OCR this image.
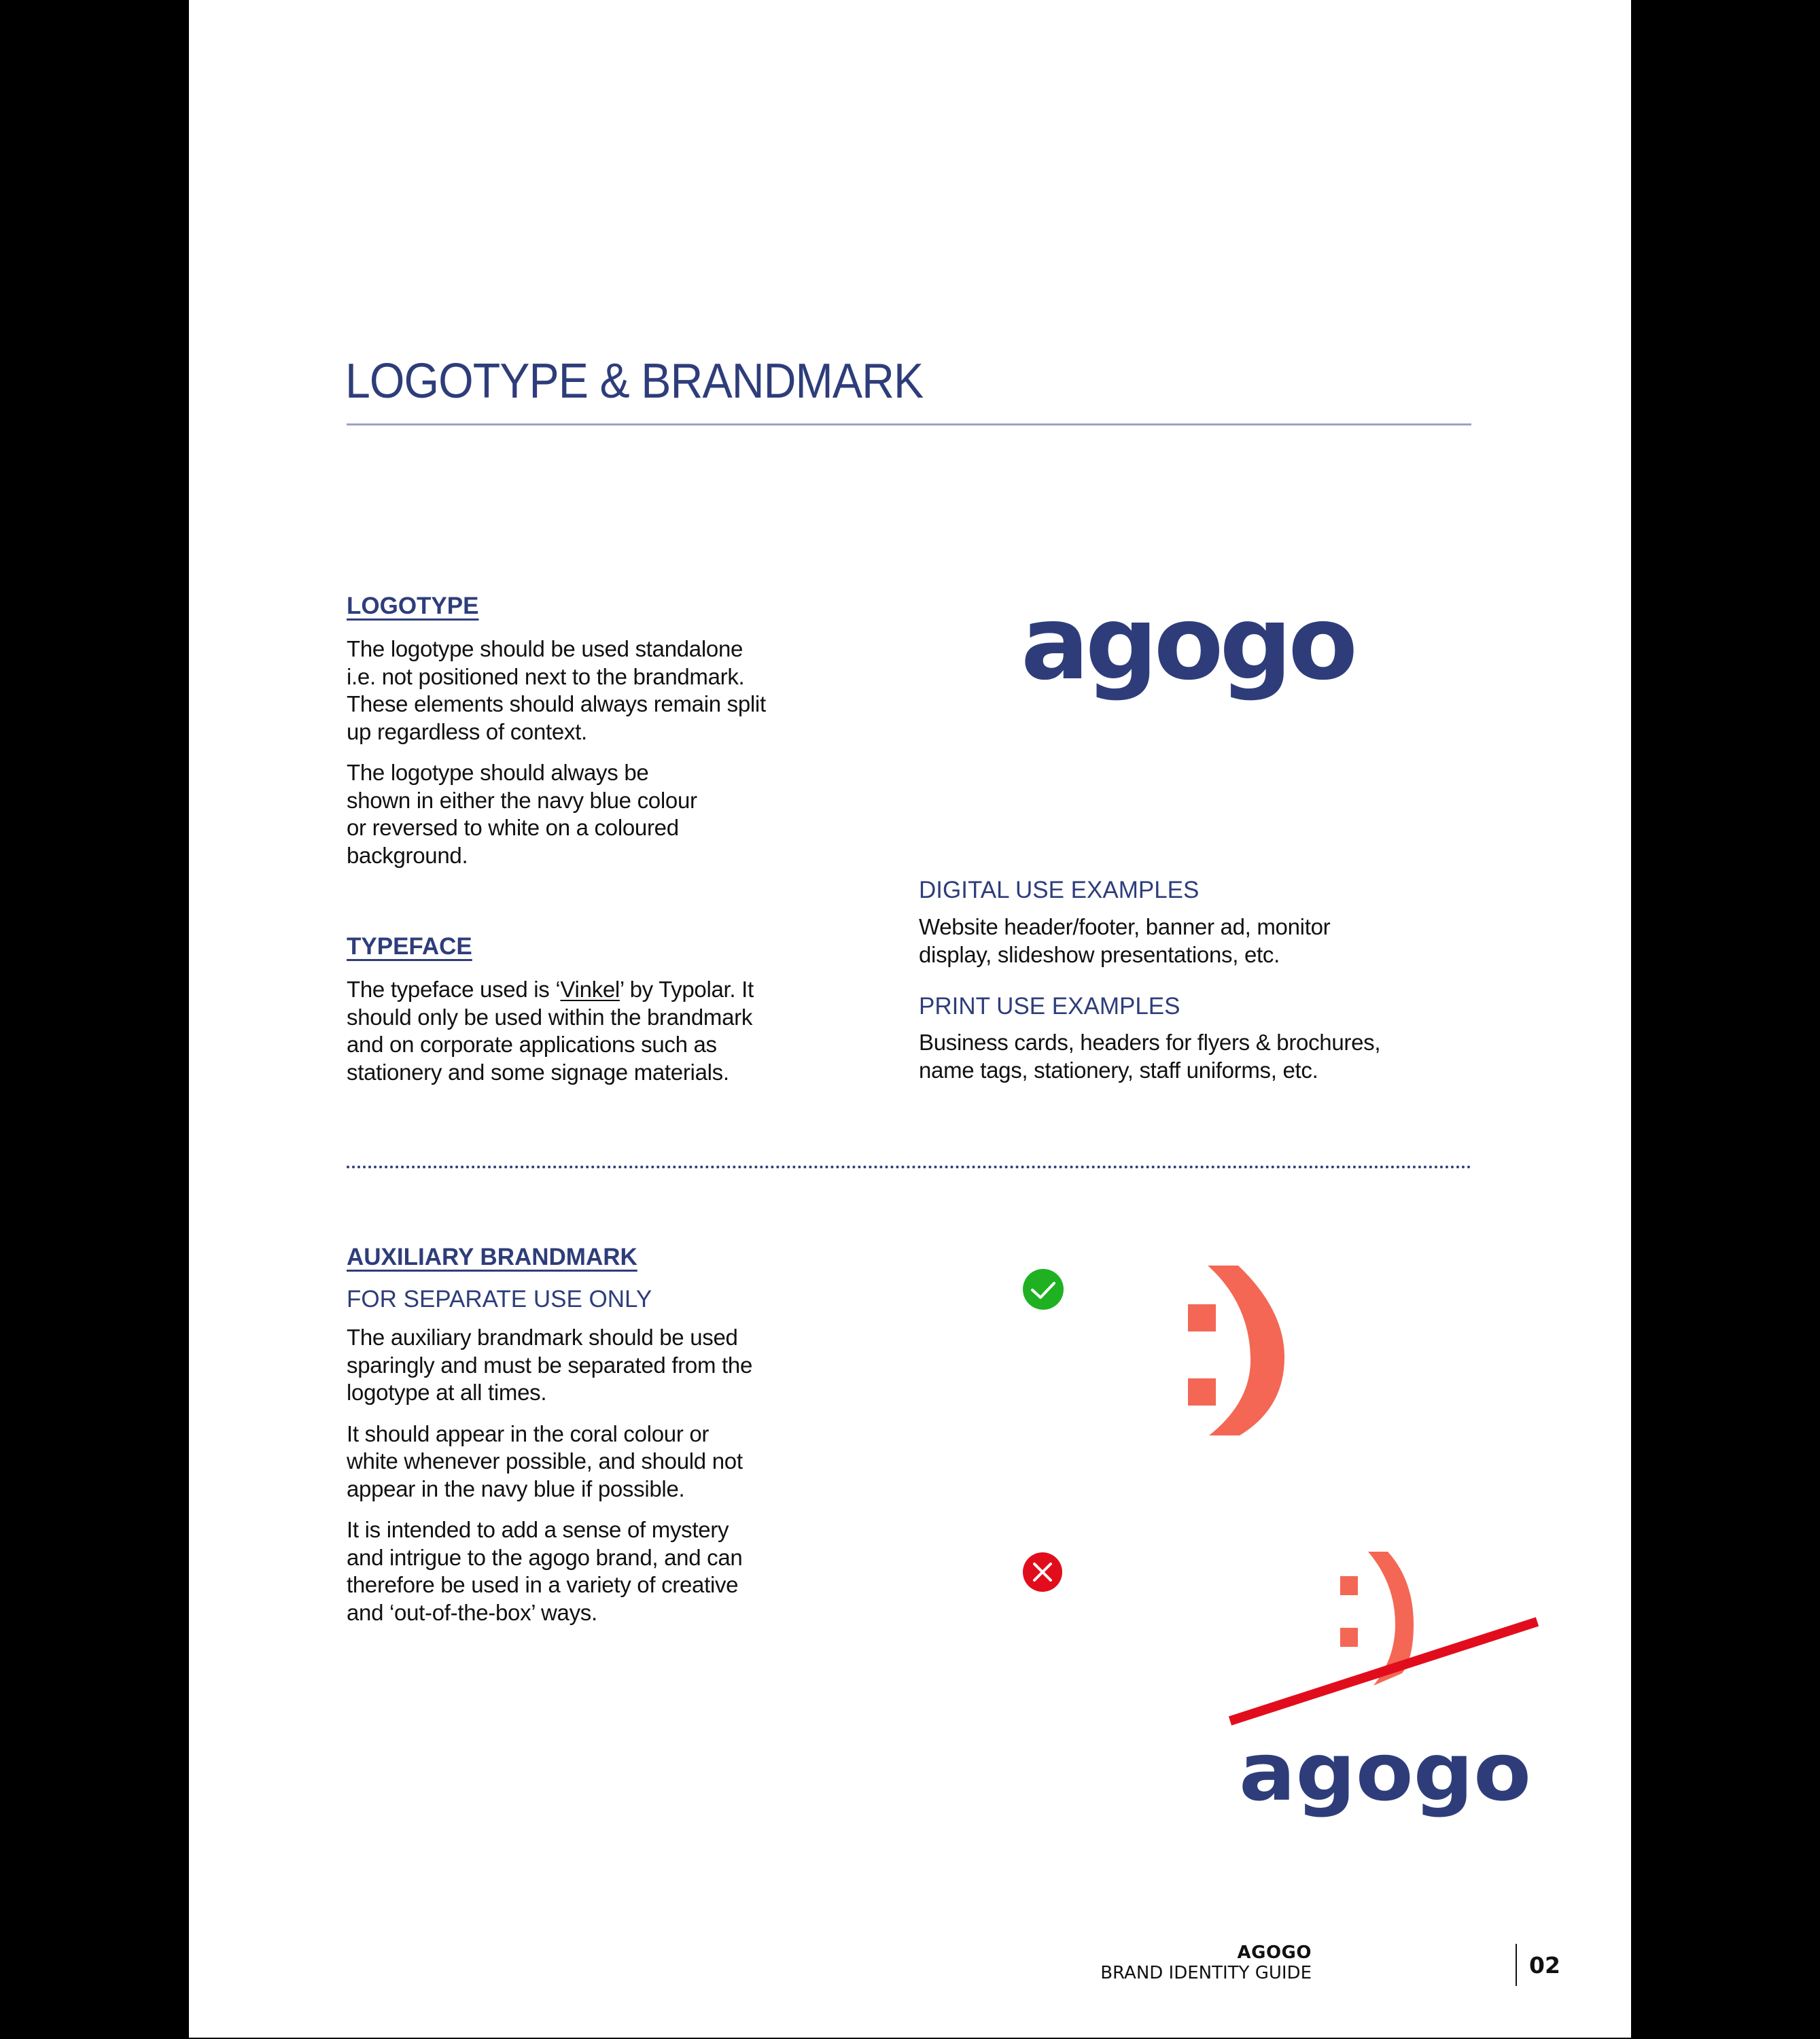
LOGOTYPE & BRANDMARK
LOGOTYPE

The logotype should be used standalone
i.e. not positioned next to the brandmark.
These elements should always remain split
up regardless of context.

The logotype should always be
shown in either the navy blue colour
or reversed to white on a coloured
background.

agogo
TYPEFACE

The typeface used is ‘Vinkel’ by Typolar. It
should only be used within the brandmark
and on corporate applications such as
stationery and some signage materials.

DIGITAL USE EXAMPLES

Website header/footer, banner ad, monitor
display, slideshow presentations, etc.

PRINT USE EXAMPLES

Business cards, headers for flyers & brochures,
name tags, stationery, staff uniforms, etc.

AUXILIARY BRANDMARK
FOR SEPARATE USE ONLY

The auxiliary brandmark should be used
sparingly and must be separated from the
logotype at all times.

It should appear in the coral colour or
white whenever possible, and should not
appear in the navy blue if possible.

It is intended to add a sense of mystery
and intrigue to the agogo brand, and can
therefore be used in a variety of creative
and ‘out-of-the-box’ ways.

agogo
AGOGO
BRAND IDENTITY GUIDE	02
